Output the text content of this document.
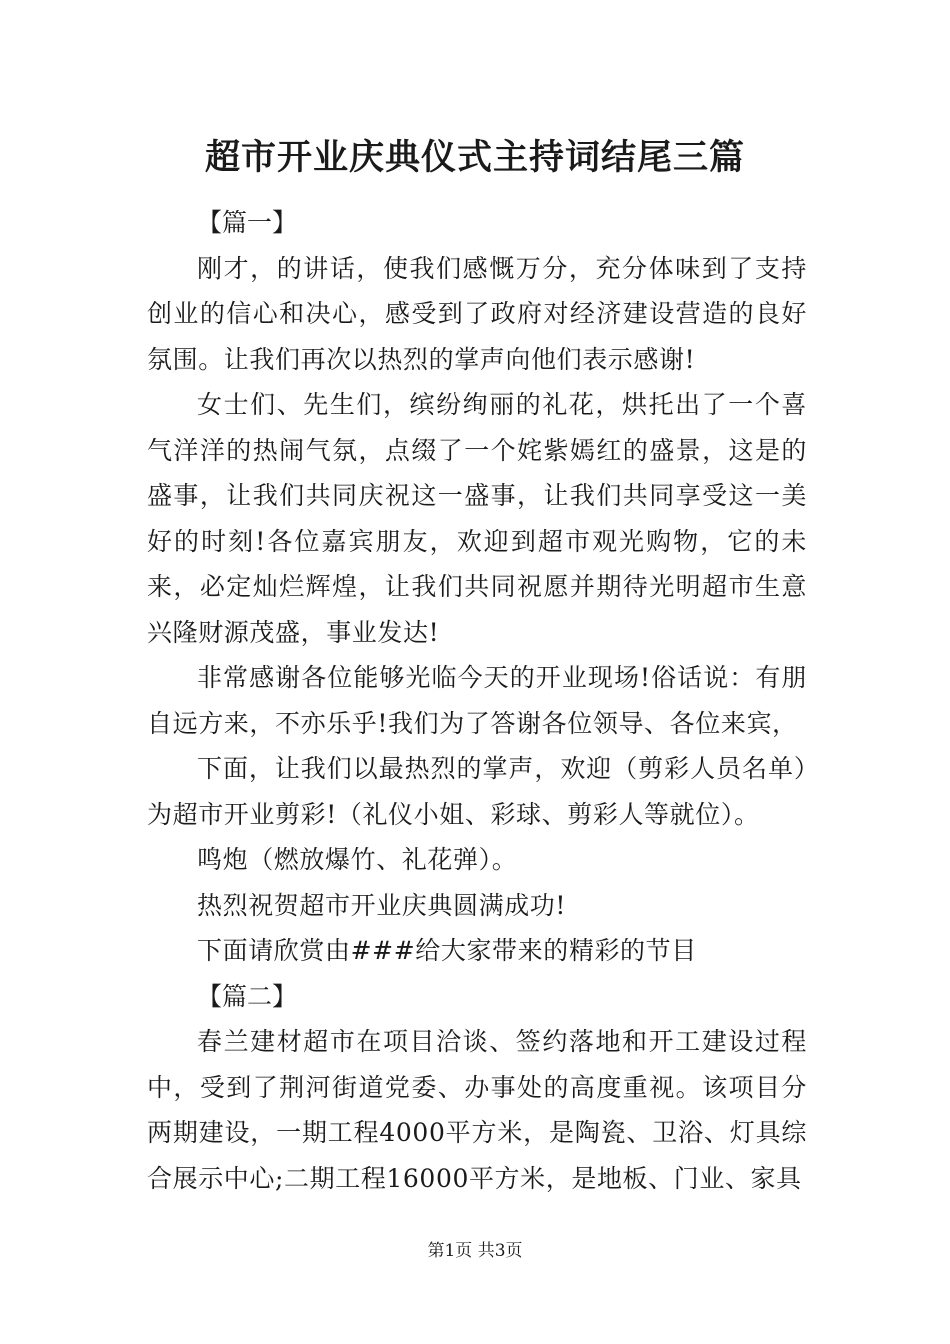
超市开业庆典仪式主持词结尾三篇

【篇一】

刚才，的讲话，使我们感慨万分，充分体味到了支持创业的信心和决心，感受到了政府对经济建设营造的良好氛围。让我们再次以热烈的掌声向他们表示感谢!

女士们、先生们，缤纷绚丽的礼花，烘托出了一个喜气洋洋的热闹气氛，点缀了一个姹紫嫣红的盛景，这是的盛事，让我们共同庆祝这一盛事，让我们共同享受这一美好的时刻!各位嘉宾朋友，欢迎到超市观光购物，它的未来，必定灿烂辉煌，让我们共同祝愿并期待光明超市生意兴隆财源茂盛，事业发达!

非常感谢各位能够光临今天的开业现场!俗话说：有朋自远方来，不亦乐乎!我们为了答谢各位领导、各位来宾，

下面，让我们以最热烈的掌声，欢迎（剪彩人员名单）为超市开业剪彩!（礼仪小姐、彩球、剪彩人等就位）。

鸣炮（燃放爆竹、礼花弹）。

热烈祝贺超市开业庆典圆满成功!

下面请欣赏由###给大家带来的精彩的节目

【篇二】

春兰建材超市在项目洽谈、签约落地和开工建设过程中，受到了荆河街道党委、办事处的高度重视。该项目分两期建设，一期工程4000平方米，是陶瓷、卫浴、灯具综合展示中心;二期工程16000平方米，是地板、门业、家具

第1页 共3页
